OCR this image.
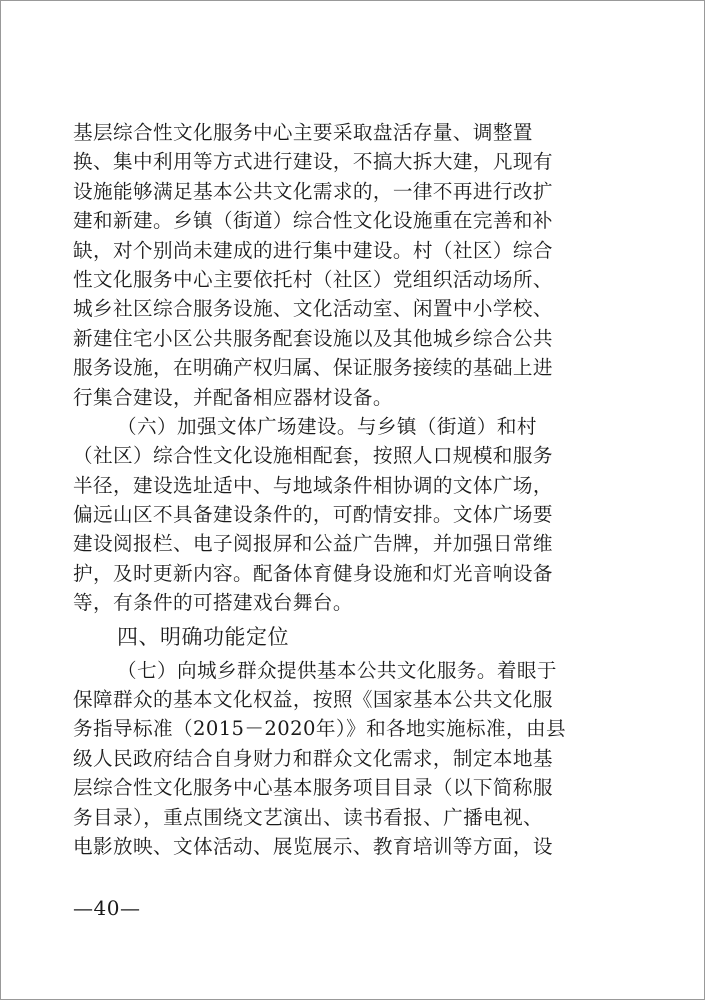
基层综合性文化服务中心主要采取盘活存量、调整置
换、集中利用等方式进行建设，不搞大拆大建，凡现有
设施能够满足基本公共文化需求的，一律不再进行改扩
建和新建。乡镇（街道）综合性文化设施重在完善和补
缺，对个别尚未建成的进行集中建设。村（社区）综合
性文化服务中心主要依托村（社区）党组织活动场所、
城乡社区综合服务设施、文化活动室、闲置中小学校、
新建住宅小区公共服务配套设施以及其他城乡综合公共
服务设施，在明确产权归属、保证服务接续的基础上进
行集合建设，并配备相应器材设备。
（六）加强文体广场建设。与乡镇（街道）和村
（社区）综合性文化设施相配套，按照人口规模和服务
半径，建设选址适中、与地域条件相协调的文体广场，
偏远山区不具备建设条件的，可酌情安排。文体广场要
建设阅报栏、电子阅报屏和公益广告牌，并加强日常维
护，及时更新内容。配备体育健身设施和灯光音响设备
等，有条件的可搭建戏台舞台。
四、明确功能定位
（七）向城乡群众提供基本公共文化服务。着眼于
保障群众的基本文化权益，按照《国家基本公共文化服
务指导标准（2015－2020年）》和各地实施标准，由县
级人民政府结合自身财力和群众文化需求，制定本地基
层综合性文化服务中心基本服务项目目录（以下简称服
务目录），重点围绕文艺演出、读书看报、广播电视、
电影放映、文体活动、展览展示、教育培训等方面，设
—40—
